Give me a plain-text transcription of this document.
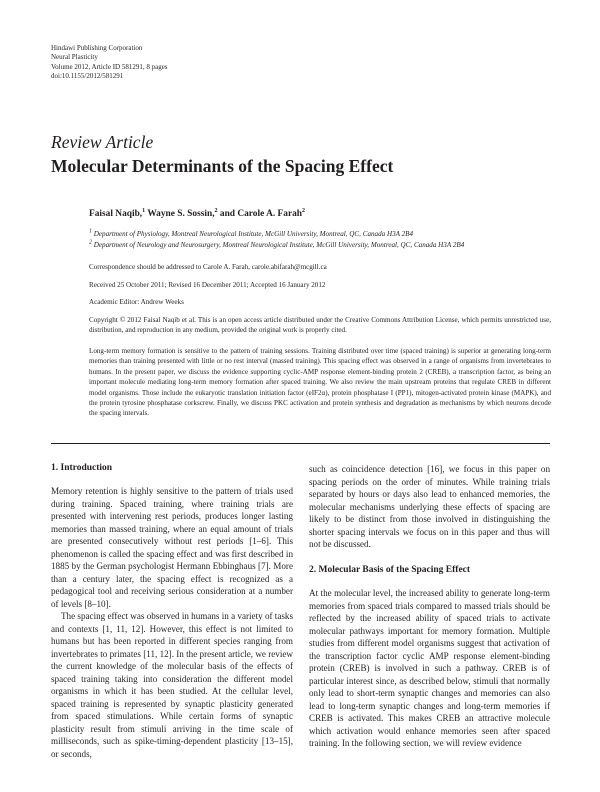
Hindawi Publishing Corporation
Neural Plasticity
Volume 2012, Article ID 581291, 8 pages
doi:10.1155/2012/581291
Review Article
Molecular Determinants of the Spacing Effect
Faisal Naqib,$^1$ Wayne S. Sossin,$^2$ and Carole A. Farah$^2$
$^1$ Department of Physiology, Montreal Neurological Institute, McGill University, Montreal, QC, Canada H3A 2B4
$^2$ Department of Neurology and Neurosurgery, Montreal Neurological Institute, McGill University, Montreal, QC, Canada H3A 2B4
Correspondence should be addressed to Carole A. Farah, carole.abifarah@mcgill.ca
Received 25 October 2011; Revised 16 December 2011; Accepted 16 January 2012
Academic Editor: Andrew Weeks
Copyright © 2012 Faisal Naqib et al. This is an open access article distributed under the Creative Commons Attribution License, which permits unrestricted use, distribution, and reproduction in any medium, provided the original work is properly cited.
Long-term memory formation is sensitive to the pattern of training sessions. Training distributed over time (spaced training) is superior at generating long-term memories than training presented with little or no rest interval (massed training). This spacing effect was observed in a range of organisms from invertebrates to humans. In the present paper, we discuss the evidence supporting cyclic-AMP response element-binding protein 2 (CREB), a transcription factor, as being an important molecule mediating long-term memory formation after spaced training. We also review the main upstream proteins that regulate CREB in different model organisms. Those include the eukaryotic translation initiation factor (eIF2α), protein phosphatase I (PP1), mitogen-activated protein kinase (MAPK), and the protein tyrosine phosphatase corkscrew. Finally, we discuss PKC activation and protein synthesis and degradation as mechanisms by which neurons decode the spacing intervals.
1. Introduction

Memory retention is highly sensitive to the pattern of trials used during training. Spaced training, where training trials are presented with intervening rest periods, produces longer lasting memories than massed training, where an equal amount of trials are presented consecutively without rest periods [1–6]. This phenomenon is called the spacing effect and was first described in 1885 by the German psychologist Hermann Ebbinghaus [7]. More than a century later, the spacing effect is recognized as a pedagogical tool and receiving serious consideration at a number of levels [8–10].

The spacing effect was observed in humans in a variety of tasks and contexts [1, 11, 12]. However, this effect is not limited to humans but has been reported in different species ranging from invertebrates to primates [11, 12]. In the present article, we review the current knowledge of the molecular basis of the effects of spaced training taking into consideration the different model organisms in which it has been studied. At the cellular level, spaced training is represented by synaptic plasticity generated from spaced stimulations. While certain forms of synaptic plasticity result from stimuli arriving in the time scale of milliseconds, such as spike-timing-dependent plasticity [13–15], or seconds,

such as coincidence detection [16], we focus in this paper on spacing periods on the order of minutes. While training trials separated by hours or days also lead to enhanced memories, the molecular mechanisms underlying these effects of spacing are likely to be distinct from those involved in distinguishing the shorter spacing intervals we focus on in this paper and thus will not be discussed.

2. Molecular Basis of the Spacing Effect

At the molecular level, the increased ability to generate long-term memories from spaced trials compared to massed trials should be reflected by the increased ability of spaced trials to activate molecular pathways important for memory formation. Multiple studies from different model organisms suggest that activation of the transcription factor cyclic AMP response element-binding protein (CREB) is involved in such a pathway. CREB is of particular interest since, as described below, stimuli that normally only lead to short-term synaptic changes and memories can also lead to long-term synaptic changes and long-term memories if CREB is activated. This makes CREB an attractive molecule which activation would enhance memories seen after spaced training. In the following section, we will review evidence
